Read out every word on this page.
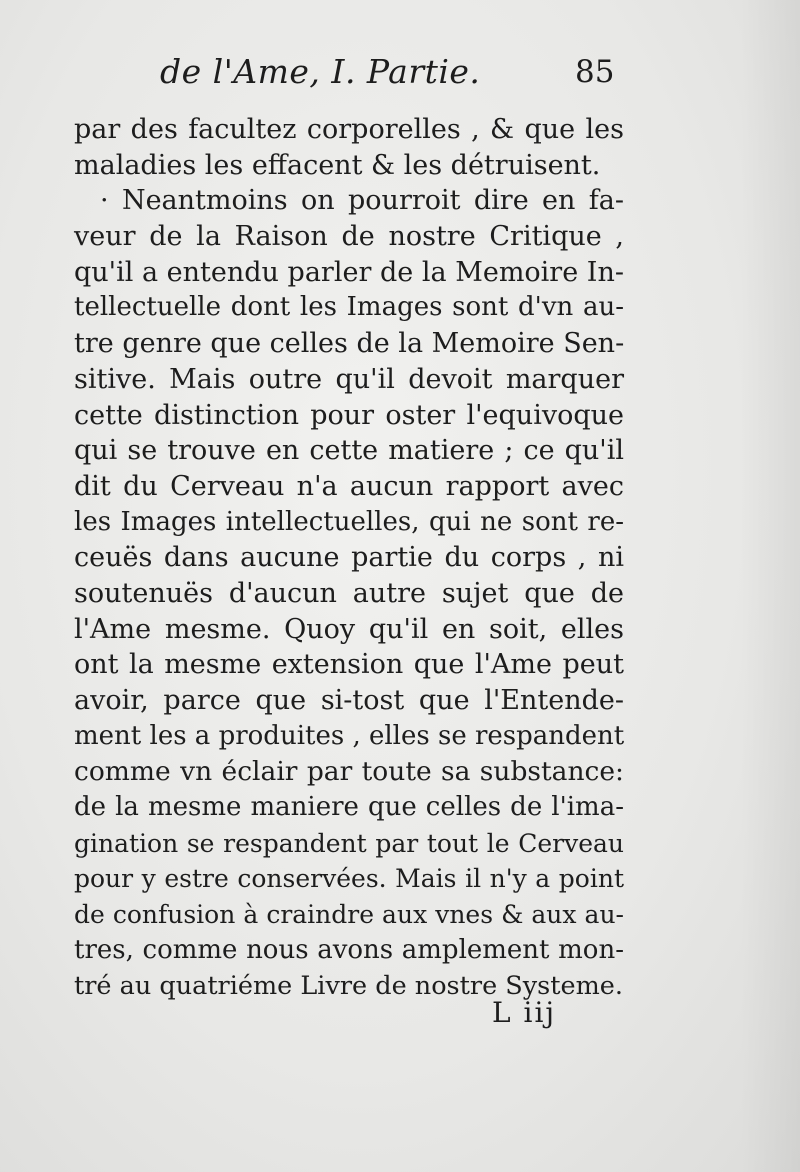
de l'Ame, I. Partie.	85
par des facultez corporelles , & que les
maladies les effacent & les détruisent.
· Neantmoins on pourroit dire en fa-
veur de la Raison de nostre Critique ,
qu'il a entendu parler de la Memoire In-
tellectuelle dont les Images sont d'vn au-
tre genre que celles de la Memoire Sen-
sitive. Mais outre qu'il devoit marquer
cette distinction pour oster l'equivoque
qui se trouve en cette matiere ; ce qu'il
dit du Cerveau n'a aucun rapport avec
les Images intellectuelles, qui ne sont re-
ceuës dans aucune partie du corps , ni
soutenuës d'aucun autre sujet que de
l'Ame mesme. Quoy qu'il en soit, elles
ont la mesme extension que l'Ame peut
avoir, parce que si-tost que l'Entende-
ment les a produites , elles se respandent
comme vn éclair par toute sa substance:
de la mesme maniere que celles de l'ima-
gination se respandent par tout le Cerveau
pour y estre conservées. Mais il n'y a point
de confusion à craindre aux vnes & aux au-
tres, comme nous avons amplement mon-
tré au quatriéme Livre de nostre Systeme.
L iij
